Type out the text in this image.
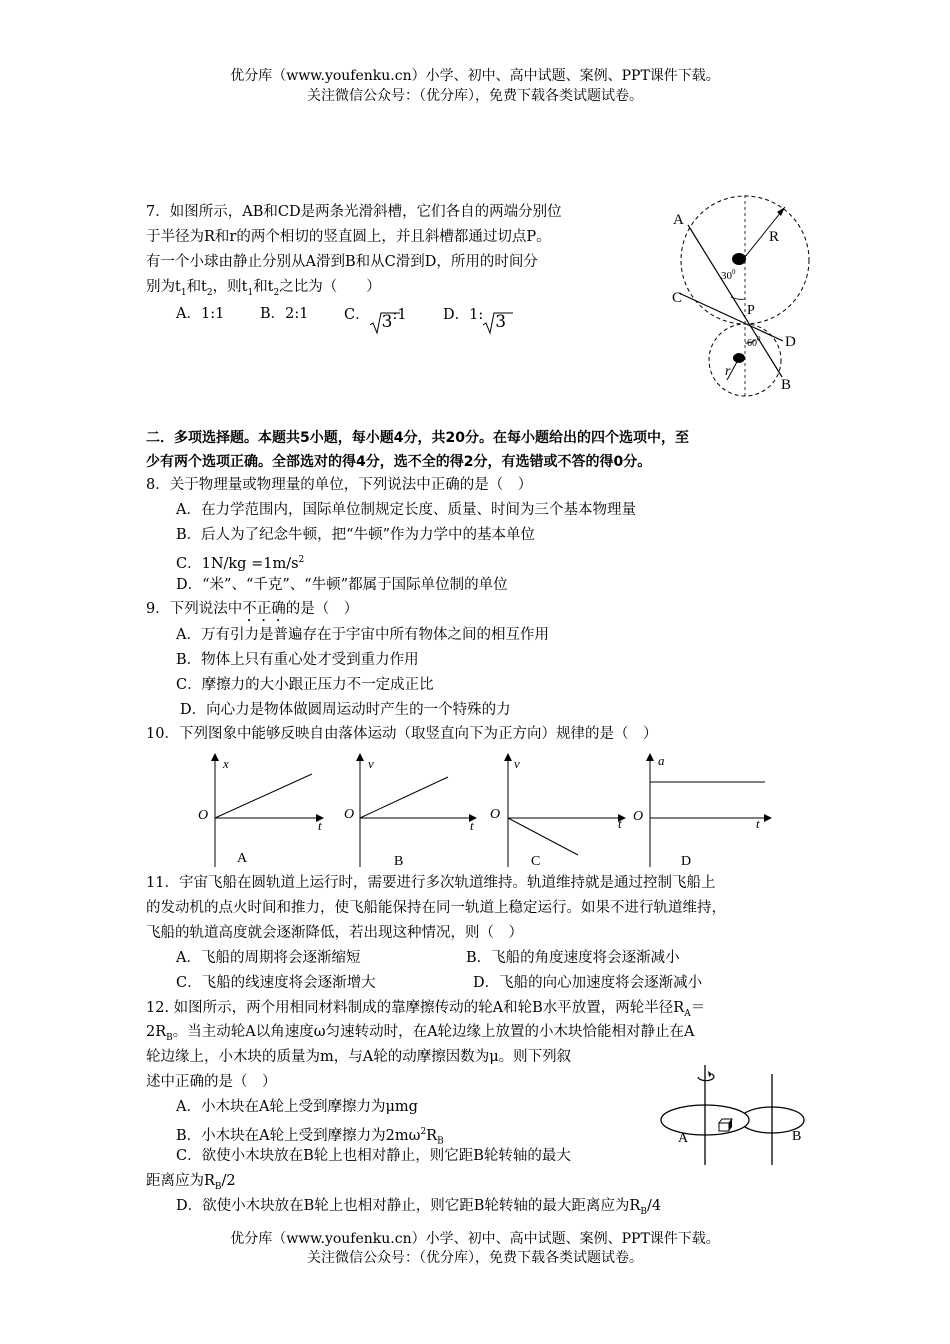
优分库（www.youfenku.cn）小学、初中、高中试题、案例、PPT课件下载。
关注微信公众号：（优分库），免费下载各类试题试卷。
7．如图所示，AB和CD是两条光滑斜槽，它们各自的两端分别位
于半径为R和r的两个相切的竖直圆上，并且斜槽都通过切点P。
有一个小球由静止分别从A滑到B和从C滑到D，所用的时间分
别为$t_1$和$t_2$，则$t_1$和$t_2$之比为（　　）
A．1:1 B．2:1 C． 3:1	D．1: 3
A
R
$30^0$
C
P
$60^0$ D
r
B
二．多项选择题。本题共5小题，每小题4分，共20分。在每小题给出的四个选项中，至
少有两个选项正确。全部选对的得4分，选不全的得2分，有选错或不答的得0分。
8．关于物理量或物理量的单位，下列说法中正确的是（　）
A．在力学范围内，国际单位制规定长度、质量、时间为三个基本物理量
B．后人为了纪念牛顿，把“牛顿”作为力学中的基本单位
C．$1N/kg =1m/s^2$
D．“米”、“千克”、“牛顿”都属于国际单位制的单位
9．下列说法中不正确的是（　）
A．万有引力是普遍存在于宇宙中所有物体之间的相互作用
B．物体上只有重心处才受到重力作用
C．摩擦力的大小跟正压力不一定成正比
D．向心力是物体做圆周运动时产生的一个特殊的力
10．下列图象中能够反映自由落体运动（取竖直向下为正方向）规律的是（　）
x
O
t
A
v
O
t
B
v
O
t
C
a
O	t
D
11．宇宙飞船在圆轨道上运行时，需要进行多次轨道维持。轨道维持就是通过控制飞船上
的发动机的点火时间和推力，使飞船能保持在同一轨道上稳定运行。如果不进行轨道维持，
飞船的轨道高度就会逐渐降低，若出现这种情况，则（　）
A．飞船的周期将会逐渐缩短	B．飞船的角度速度将会逐渐减小
C．飞船的线速度将会逐渐增大	D．飞船的向心加速度将会逐渐减小
12. 如图所示，两个用相同材料制成的靠摩擦传动的轮A和轮B水平放置，两轮半径$R_A=$
$2R_B$。当主动轮A以角速度ω匀速转动时，在A轮边缘上放置的小木块恰能相对静止在A
轮边缘上，小木块的质量为m，与A轮的动摩擦因数为μ。则下列叙
述中正确的是（　）
A．小木块在A轮上受到摩擦力为μmg
B．小木块在A轮上受到摩擦力为$2m\omega^2R_B$
C．欲使小木块放在B轮上也相对静止，则它距B轮转轴的最大
距离应为$R_B/2$
D．欲使小木块放在B轮上也相对静止，则它距B轮转轴的最大距离应为$R_B/4$
A	B
优分库（www.youfenku.cn）小学、初中、高中试题、案例、PPT课件下载。
关注微信公众号：（优分库），免费下载各类试题试卷。
